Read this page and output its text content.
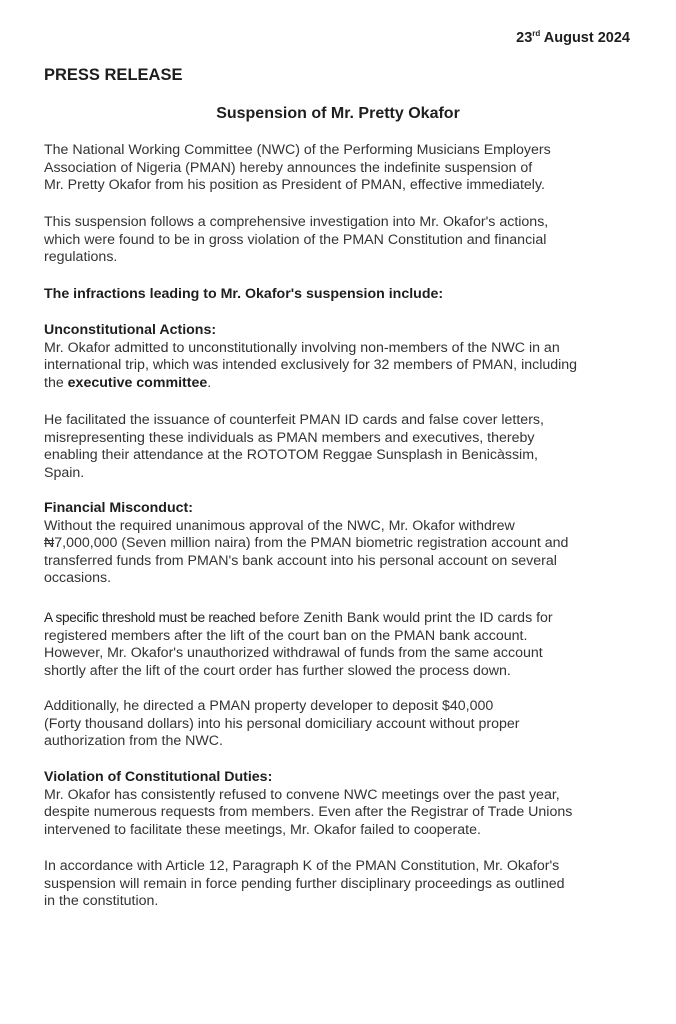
23rd August 2024
PRESS RELEASE
Suspension of Mr. Pretty Okafor
The National Working Committee (NWC) of the Performing Musicians Employers
Association of Nigeria (PMAN) hereby announces the indefinite suspension of
Mr. Pretty Okafor from his position as President of PMAN, effective immediately.
This suspension follows a comprehensive investigation into Mr. Okafor's actions,
which were found to be in gross violation of the PMAN Constitution and financial
regulations.
The infractions leading to Mr. Okafor's suspension include:
Unconstitutional Actions:
Mr. Okafor admitted to unconstitutionally involving non-members of the NWC in an
international trip, which was intended exclusively for 32 members of PMAN, including
the executive committee.
He facilitated the issuance of counterfeit PMAN ID cards and false cover letters,
misrepresenting these individuals as PMAN members and executives, thereby
enabling their attendance at the ROTOTOM Reggae Sunsplash in Benicàssim,
Spain.
Financial Misconduct:
Without the required unanimous approval of the NWC, Mr. Okafor withdrew
₦7,000,000 (Seven million naira) from the PMAN biometric registration account and
transferred funds from PMAN's bank account into his personal account on several
occasions.
A specific threshold must be reached before Zenith Bank would print the ID cards for
registered members after the lift of the court ban on the PMAN bank account.
However, Mr. Okafor's unauthorized withdrawal of funds from the same account
shortly after the lift of the court order has further slowed the process down.
Additionally, he directed a PMAN property developer to deposit $40,000
(Forty thousand dollars) into his personal domiciliary account without proper
authorization from the NWC.
Violation of Constitutional Duties:
Mr. Okafor has consistently refused to convene NWC meetings over the past year,
despite numerous requests from members. Even after the Registrar of Trade Unions
intervened to facilitate these meetings, Mr. Okafor failed to cooperate.
In accordance with Article 12, Paragraph K of the PMAN Constitution, Mr. Okafor's
suspension will remain in force pending further disciplinary proceedings as outlined
in the constitution.
